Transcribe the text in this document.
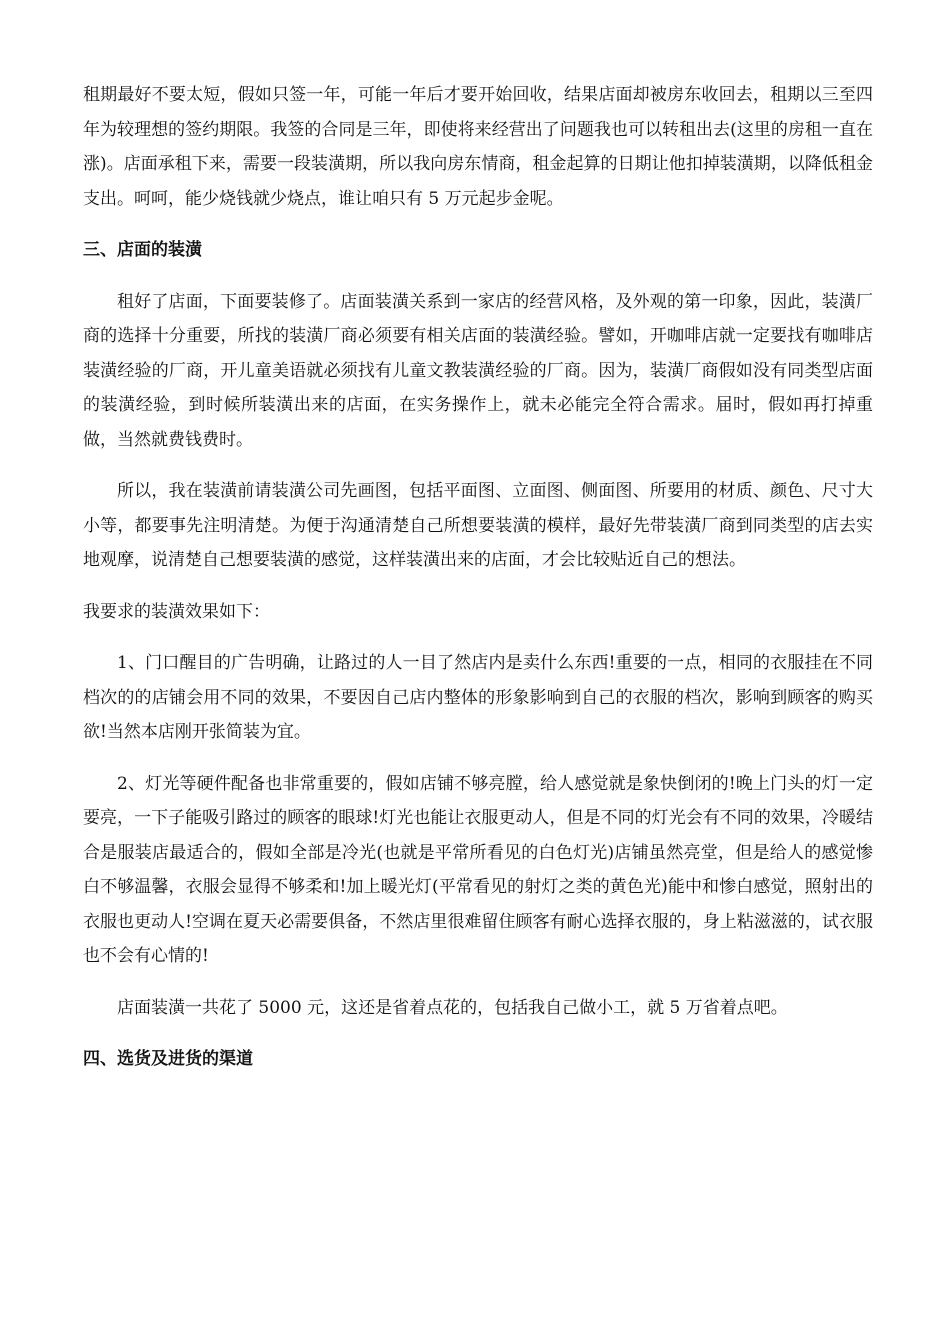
租期最好不要太短，假如只签一年，可能一年后才要开始回收，结果店面却被房东收回去，租期以三至四年为较理想的签约期限。我签的合同是三年，即使将来经营出了问题我也可以转租出去(这里的房租一直在涨)。店面承租下来，需要一段装潢期，所以我向房东情商，租金起算的日期让他扣掉装潢期，以降低租金支出。呵呵，能少烧钱就少烧点，谁让咱只有 5 万元起步金呢。

三、店面的装潢

租好了店面，下面要装修了。店面装潢关系到一家店的经营风格，及外观的第一印象，因此，装潢厂商的选择十分重要，所找的装潢厂商必须要有相关店面的装潢经验。譬如，开咖啡店就一定要找有咖啡店装潢经验的厂商，开儿童美语就必须找有儿童文教装潢经验的厂商。因为，装潢厂商假如没有同类型店面的装潢经验，到时候所装潢出来的店面，在实务操作上，就未必能完全符合需求。届时，假如再打掉重做，当然就费钱费时。

所以，我在装潢前请装潢公司先画图，包括平面图、立面图、侧面图、所要用的材质、颜色、尺寸大小等，都要事先注明清楚。为便于沟通清楚自己所想要装潢的模样，最好先带装潢厂商到同类型的店去实地观摩，说清楚自己想要装潢的感觉，这样装潢出来的店面，才会比较贴近自己的想法。

我要求的装潢效果如下：

1、门口醒目的广告明确，让路过的人一目了然店内是卖什么东西!重要的一点，相同的衣服挂在不同档次的的店铺会用不同的效果，不要因自己店内整体的形象影响到自己的衣服的档次，影响到顾客的购买欲!当然本店刚开张简装为宜。

2、灯光等硬件配备也非常重要的，假如店铺不够亮膛，给人感觉就是象快倒闭的!晚上门头的灯一定要亮，一下子能吸引路过的顾客的眼球!灯光也能让衣服更动人，但是不同的灯光会有不同的效果，冷暖结合是服装店最适合的，假如全部是冷光(也就是平常所看见的白色灯光)店铺虽然亮堂，但是给人的感觉惨白不够温馨，衣服会显得不够柔和!加上暖光灯(平常看见的射灯之类的黄色光)能中和惨白感觉，照射出的衣服也更动人!空调在夏天必需要俱备，不然店里很难留住顾客有耐心选择衣服的，身上粘滋滋的，试衣服也不会有心情的!

店面装潢一共花了 5000 元，这还是省着点花的，包括我自己做小工，就 5 万省着点吧。

四、选货及进货的渠道
